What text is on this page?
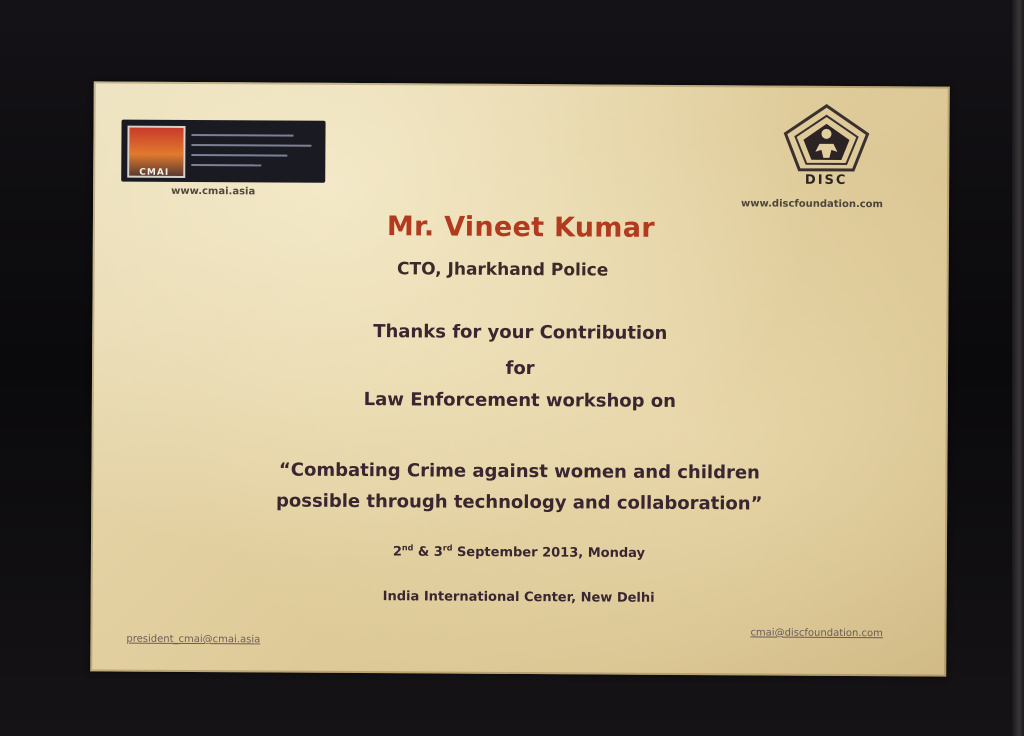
CMAI
www.cmai.asia
DISC
www.discfoundation.com
Mr. Vineet Kumar
CTO, Jharkhand Police
Thanks for your Contribution
for
Law Enforcement workshop on
“Combating Crime against women and children
possible through technology and collaboration”
2nd & 3rd September 2013, Monday
India International Center, New Delhi
president_cmai@cmai.asia
cmai@discfoundation.com
